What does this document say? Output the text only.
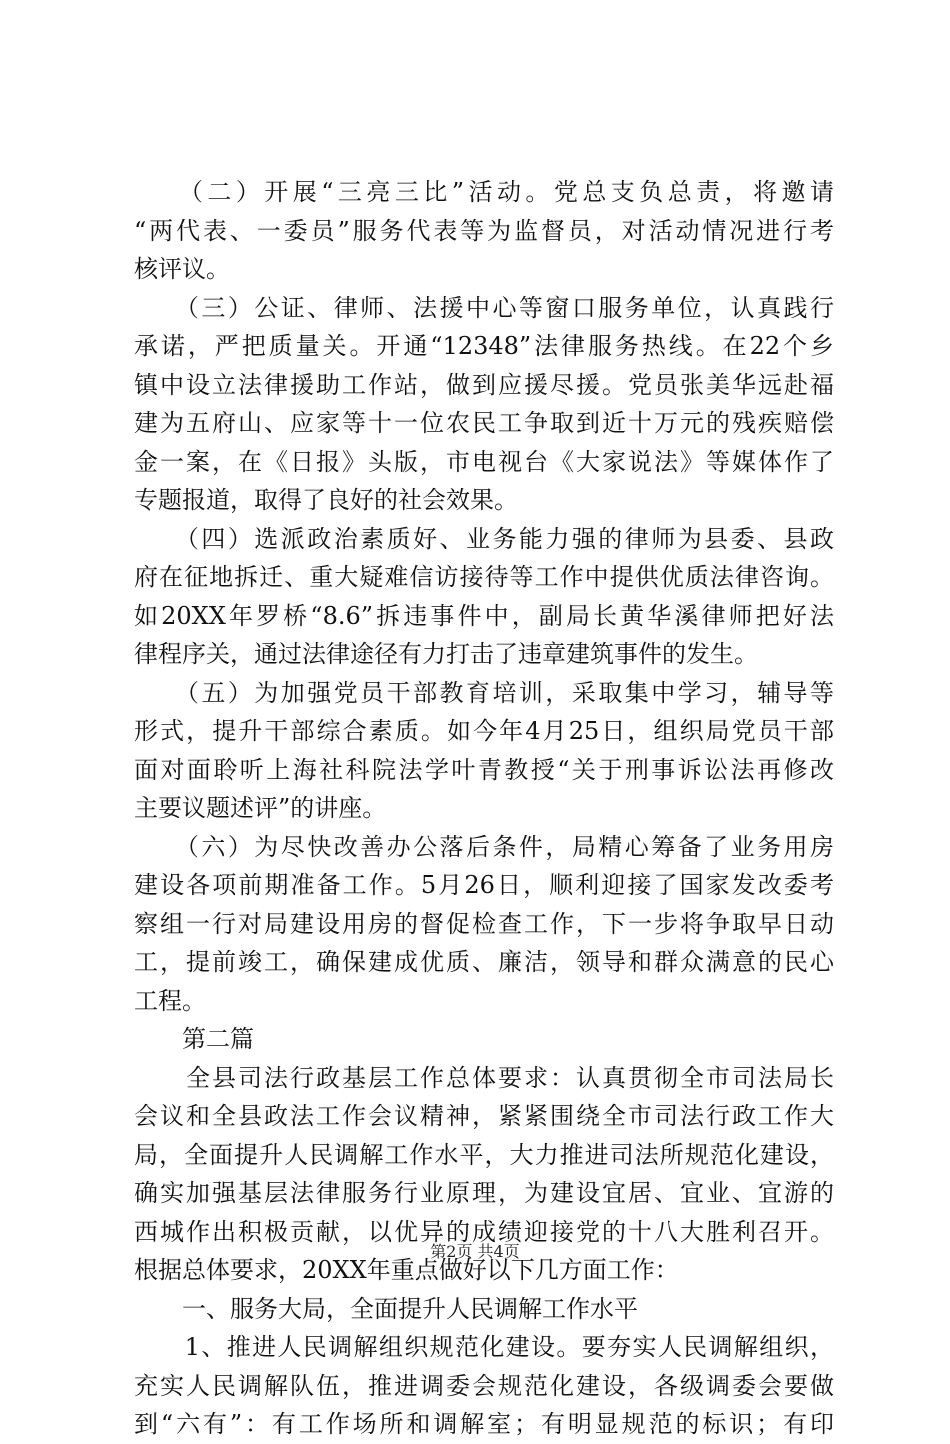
　　（二）开展“三亮三比”活动。党总支负总责，将邀请
“两代表、一委员”服务代表等为监督员，对活动情况进行考
核评议。
　　（三）公证、律师、法援中心等窗口服务单位，认真践行
承诺，严把质量关。开通“12348”法律服务热线。在22个乡
镇中设立法律援助工作站，做到应援尽援。党员张美华远赴福
建为五府山、应家等十一位农民工争取到近十万元的残疾赔偿
金一案，在《日报》头版，市电视台《大家说法》等媒体作了
专题报道，取得了良好的社会效果。
　　（四）选派政治素质好、业务能力强的律师为县委、县政
府在征地拆迁、重大疑难信访接待等工作中提供优质法律咨询。
如20XX年罗桥“8.6”拆违事件中，副局长黄华溪律师把好法
律程序关，通过法律途径有力打击了违章建筑事件的发生。
　　（五）为加强党员干部教育培训，采取集中学习，辅导等
形式，提升干部综合素质。如今年4月25日，组织局党员干部
面对面聆听上海社科院法学叶青教授“关于刑事诉讼法再修改
主要议题述评”的讲座。
　　（六）为尽快改善办公落后条件，局精心筹备了业务用房
建设各项前期准备工作。5月26日，顺利迎接了国家发改委考
察组一行对局建设用房的督促检查工作，下一步将争取早日动
工，提前竣工，确保建成优质、廉洁，领导和群众满意的民心
工程。
　　第二篇
　　全县司法行政基层工作总体要求：认真贯彻全市司法局长
会议和全县政法工作会议精神，紧紧围绕全市司法行政工作大
局，全面提升人民调解工作水平，大力推进司法所规范化建设，
确实加强基层法律服务行业原理，为建设宜居、宜业、宜游的
西城作出积极贡献，以优异的成绩迎接党的十八大胜利召开。
根据总体要求，20XX年重点做好以下几方面工作：
　　一、服务大局，全面提升人民调解工作水平
　　1、推进人民调解组织规范化建设。要夯实人民调解组织，
充实人民调解队伍，推进调委会规范化建设，各级调委会要做
到“六有”：有工作场所和调解室；有明显规范的标识；有印
第2页 共4页
